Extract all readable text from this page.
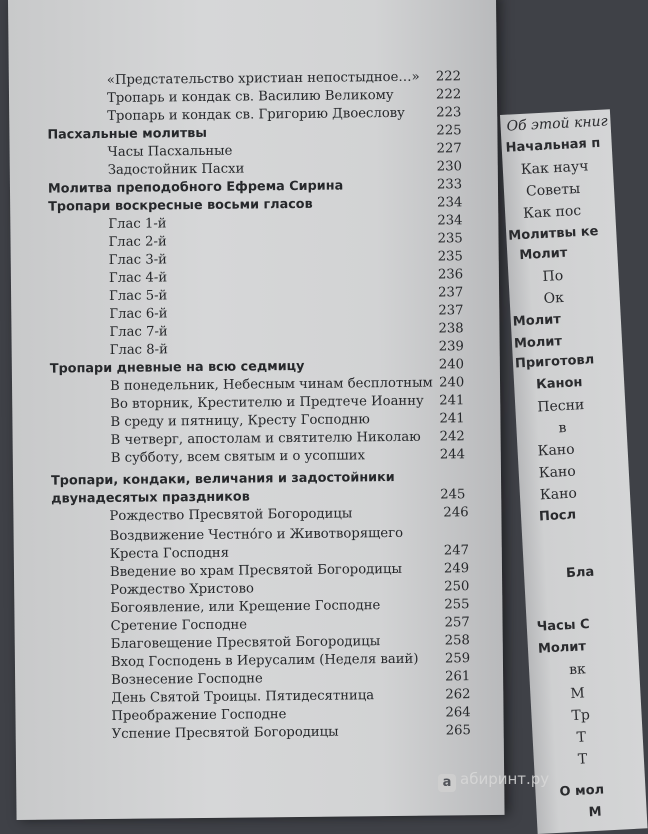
«Предстательство христиан непостыдное…» 222
Тропарь и кондак св. Василию Великому	222
Тропарь и кондак св. Григорию Двоеслову 223
Пасхальные молитвы	225
Часы Пасхальные	227
Задостойник Пасхи	230
Молитва преподобного Ефрема Сирина	233
Тропари воскресные восьми гласов	234
Глас 1-й	234
Глас 2-й	235
Глас 3-й	235
Глас 4-й	236
Глас 5-й	237
Глас 6-й	237
Глас 7-й	238
Глас 8-й	239
Тропари дневные на всю седмицу	240
В понедельник, Небесным чинам бесплотным 240
Во вторник, Крестителю и Предтече Иоанну 241
В среду и пятницу, Кресту Господню	241
В четверг, апостолам и святителю Николаю 242
В субботу, всем святым и о усопших	244
Тропари, кондаки, величания и задостойники
двунадесятых праздников	245
Рождество Пресвятой Богородицы	246
Воздвижение Честнóго и Животворящего
Креста Господня	247
Введение во храм Пресвятой Богородицы	249
Рождество Христово	250
Богоявление, или Крещение Господне	255
Сретение Господне	257
Благовещение Пресвятой Богородицы	258
Вход Господень в Иерусалим (Неделя ваий) 259
Вознесение Господне	261
День Святой Троицы. Пятидесятница	262
Преображение Господне	264
Успение Пресвятой Богородицы	265
Об этой книг
Начальная п
Как науч
Советы
Как пос
Молитвы ке
Молит
По
Ок
Молит
Молит
Приготовл
Канон
Песни
в
Кано
Кано
Кано
Посл
Бла
Часы С
Молит
вк
М
Тр
Т
Т
О мол
М
a абиринт.ру
